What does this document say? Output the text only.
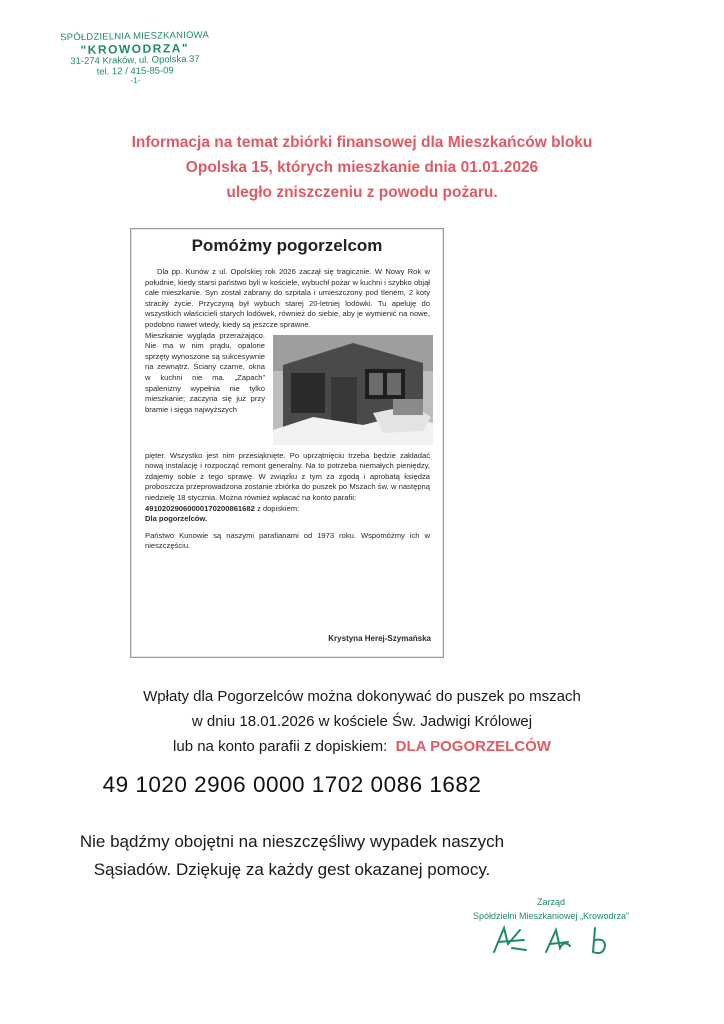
SPÓŁDZIELNIA MIESZKANIOWA
"KROWODRZA"
31-274 Kraków, ul. Opolska 37
tel. 12 / 415-85-09
-1-
Informacja na temat zbiórki finansowej dla Mieszkańców bloku
Opolska 15, których mieszkanie dnia 01.01.2026
uległo zniszczeniu z powodu pożaru.
Pomóżmy pogorzelcom

Dla pp. Kunów z ul. Opolskiej rok 2026 zaczął się tragicznie. W Nowy Rok w południe, kiedy starsi państwo byli w kościele, wybuchł pożar w kuchni i szybko objął całe mieszkanie. Syn został zabrany do szpitala i umieszczony pod tlenem, 2 koty straciły życie. Przyczyną był wybuch starej 20-letniej lodówki. Tu apeluję do wszystkich właścicieli starych lodówek, również do siebie, aby je wymienić na nowe, podobno nawet wtedy, kiedy są jeszcze sprawne.

Mieszkanie wygląda przerażająco. Nie ma w nim prądu, opalone sprzęty wynoszone są sukcesywnie na zewnątrz. Ściany czarne, okna w kuchni nie ma. „Zapach” spalenizny wypełnia nie tylko mieszkanie; zaczyna się już przy bramie i sięga najwyższych

pięter. Wszystko jest nim przesiąknięte. Po uprzątnięciu trzeba będzie zakładać nową instalację i rozpocząć remont generalny. Na to potrzeba niemałych pieniędzy, zdajemy sobie z tego sprawę. W związku z tym za zgodą i aprobatą księdza proboszcza przeprowadzona zostanie zbiórka do puszek po Mszach św. w następną niedzielę 18 stycznia. Można również wpłacać na konto parafii:

49102029060000170200861682 z dopiskiem:

Dla pogorzelców.

Państwo Kunowie są naszymi parafianami od 1973 roku. Wspomóżmy ich w nieszczęściu.

Krystyna Herej-Szymańska
Wpłaty dla Pogorzelców można dokonywać do puszek po mszach
w dniu 18.01.2026 w kościele Św. Jadwigi Królowej
lub na konto parafii z dopiskiem: DLA POGORZELCÓW
49 1020 2906 0000 1702 0086 1682
Nie bądźmy obojętni na nieszczęśliwy wypadek naszych
Sąsiadów. Dziękuję za każdy gest okazanej pomocy.
Zarząd
Spółdzielni Mieszkaniowej „Krowodrza”
